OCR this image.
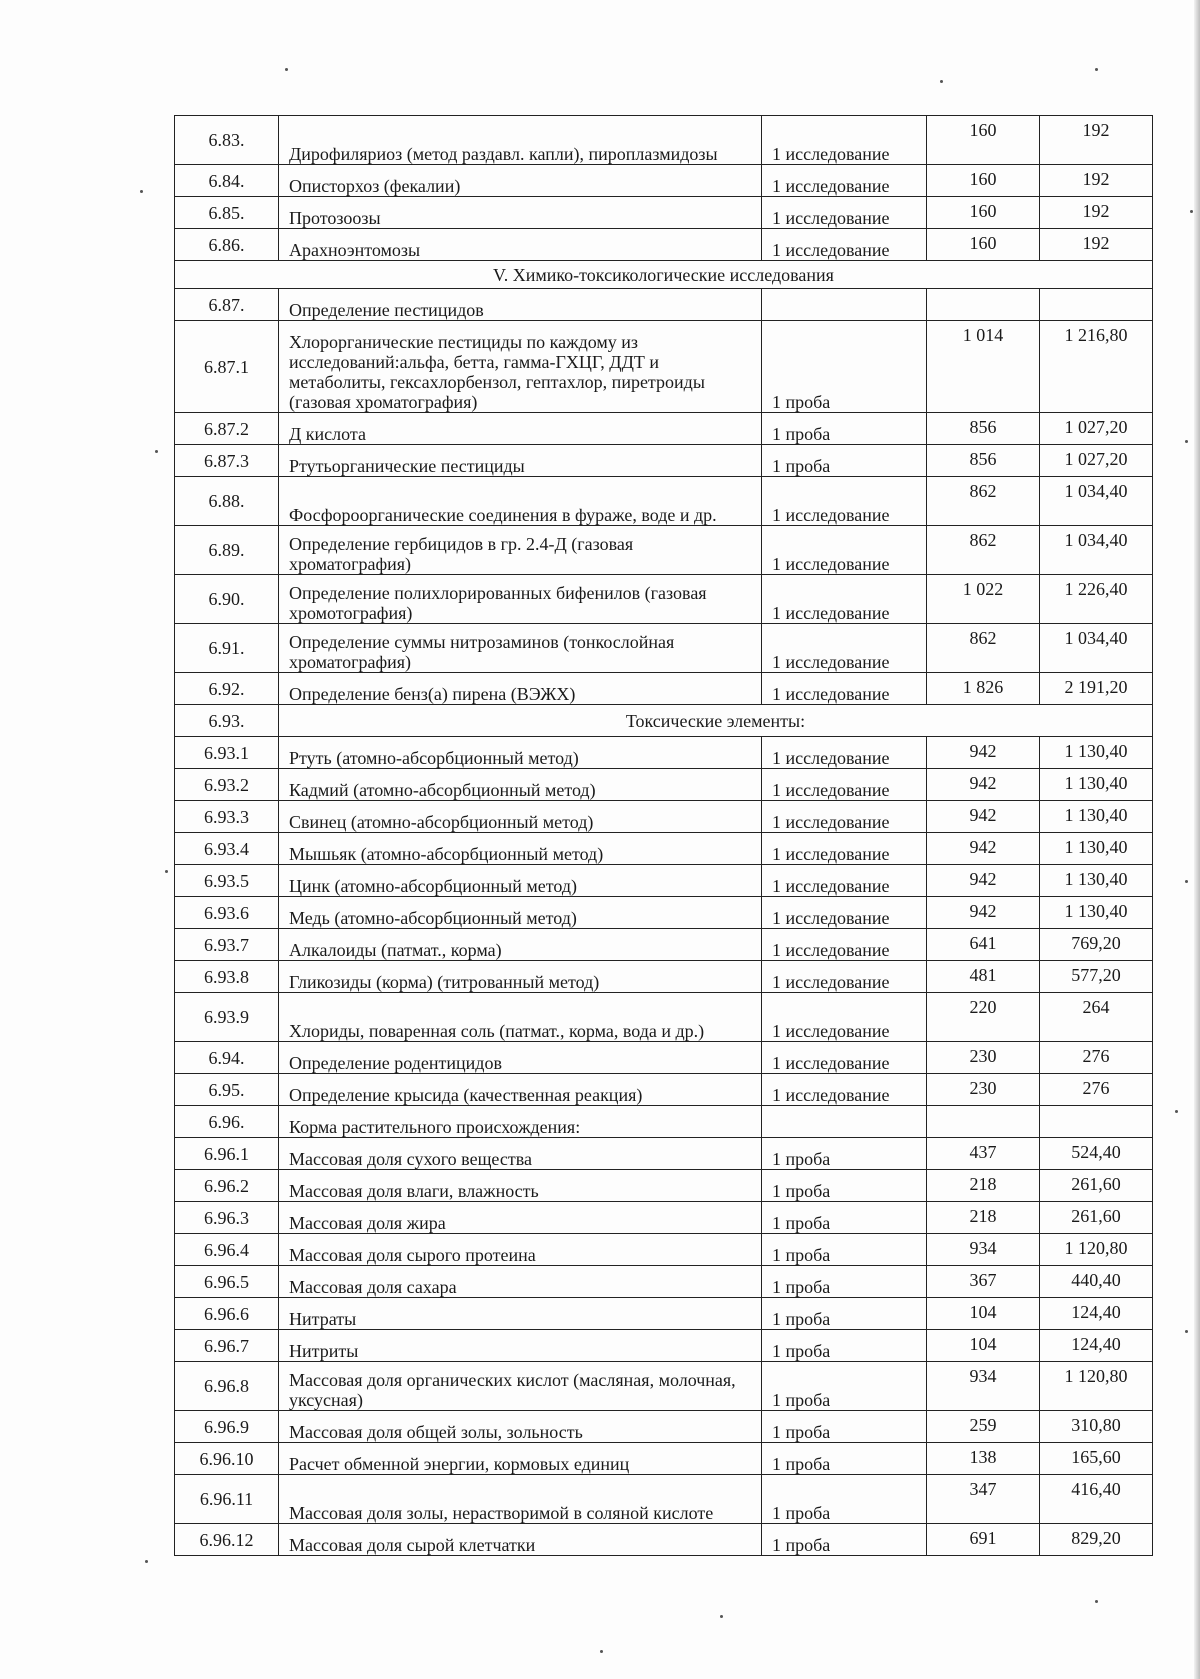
6.83.	Дирофиляриоз (метод раздавл. капли), пироплазмидозы	1 исследование	160	192
6.84.	Описторхоз (фекалии)	1 исследование	160	192
6.85.	Протозоозы	1 исследование	160	192
6.86.	Арахноэнтомозы	1 исследование	160	192
V. Химико-токсикологические исследования				
6.87.	Определение пестицидов			
6.87.1	Хлорорганические пестициды по каждому из исследований:альфа, бетта, гамма-ГХЦГ, ДДТ и метаболиты, гексахлорбензол, гептахлор, пиретроиды (газовая хроматография)	1 проба	1 014	1 216,80
6.87.2	Д кислота	1 проба	856	1 027,20
6.87.3	Ртутьорганические пестициды	1 проба	856	1 027,20
6.88.	Фосфороорганические соединения в фураже, воде и др.	1 исследование	862	1 034,40
6.89.	Определение гербицидов в гр. 2.4-Д (газовая хроматография)	1 исследование	862	1 034,40
6.90.	Определение полихлорированных бифенилов (газовая хромотография)	1 исследование	1 022	1 226,40
6.91.	Определение суммы нитрозаминов (тонкослойная хроматография)	1 исследование	862	1 034,40
6.92.	Определение бенз(а) пирена (ВЭЖХ)	1 исследование	1 826	2 191,20
6.93.	Токсические элементы:			
6.93.1	Ртуть (атомно-абсорбционный метод)	1 исследование	942	1 130,40
6.93.2	Кадмий (атомно-абсорбционный метод)	1 исследование	942	1 130,40
6.93.3	Свинец (атомно-абсорбционный метод)	1 исследование	942	1 130,40
6.93.4	Мышьяк (атомно-абсорбционный метод)	1 исследование	942	1 130,40
6.93.5	Цинк (атомно-абсорбционный метод)	1 исследование	942	1 130,40
6.93.6	Медь (атомно-абсорбционный метод)	1 исследование	942	1 130,40
6.93.7	Алкалоиды (патмат., корма)	1 исследование	641	769,20
6.93.8	Гликозиды (корма) (титрованный метод)	1 исследование	481	577,20
6.93.9	Хлориды, поваренная соль (патмат., корма, вода и др.)	1 исследование	220	264
6.94.	Определение родентицидов	1 исследование	230	276
6.95.	Определение крысида (качественная реакция)	1 исследование	230	276
6.96.	Корма растительного происхождения:			
6.96.1	Массовая доля сухого вещества	1 проба	437	524,40
6.96.2	Массовая доля влаги, влажность	1 проба	218	261,60
6.96.3	Массовая доля жира	1 проба	218	261,60
6.96.4	Массовая доля сырого протеина	1 проба	934	1 120,80
6.96.5	Массовая доля сахара	1 проба	367	440,40
6.96.6	Нитраты	1 проба	104	124,40
6.96.7	Нитриты	1 проба	104	124,40
6.96.8	Массовая доля органических кислот (масляная, молочная, уксусная)	1 проба	934	1 120,80
6.96.9	Массовая доля общей золы, зольность	1 проба	259	310,80
6.96.10	Расчет обменной энергии, кормовых единиц	1 проба	138	165,60
6.96.11	Массовая доля золы, нерастворимой в соляной кислоте	1 проба	347	416,40
6.96.12	Массовая доля сырой клетчатки	1 проба	691	829,20
